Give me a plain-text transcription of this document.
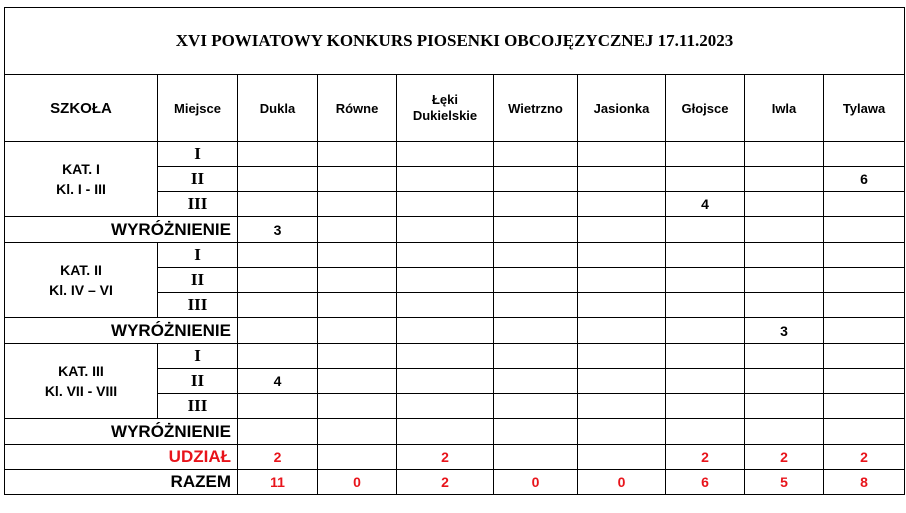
XVI POWIATOWY KONKURS PIOSENKI OBCOJĘZYCZNEJ 17.11.2023									
SZKOŁA	Miejsce	Dukla	Równe	Łęki Dukielskie	Wietrzno	Jasionka	Głojsce	Iwla	Tylawa

KAT. I
Kl. I - III	I								
	II								6
	III						4		
WYRÓŻNIENIE		3							

KAT. II
Kl. IV – VI	I								
	II								
	III								
WYRÓŻNIENIE								3	

KAT. III
Kl. VII - VIII	I								
	II	4							
	III								
WYRÓŻNIENIE									
UDZIAŁ		2		2			2	2	2
RAZEM		11	0	2	0	0	6	5	8
